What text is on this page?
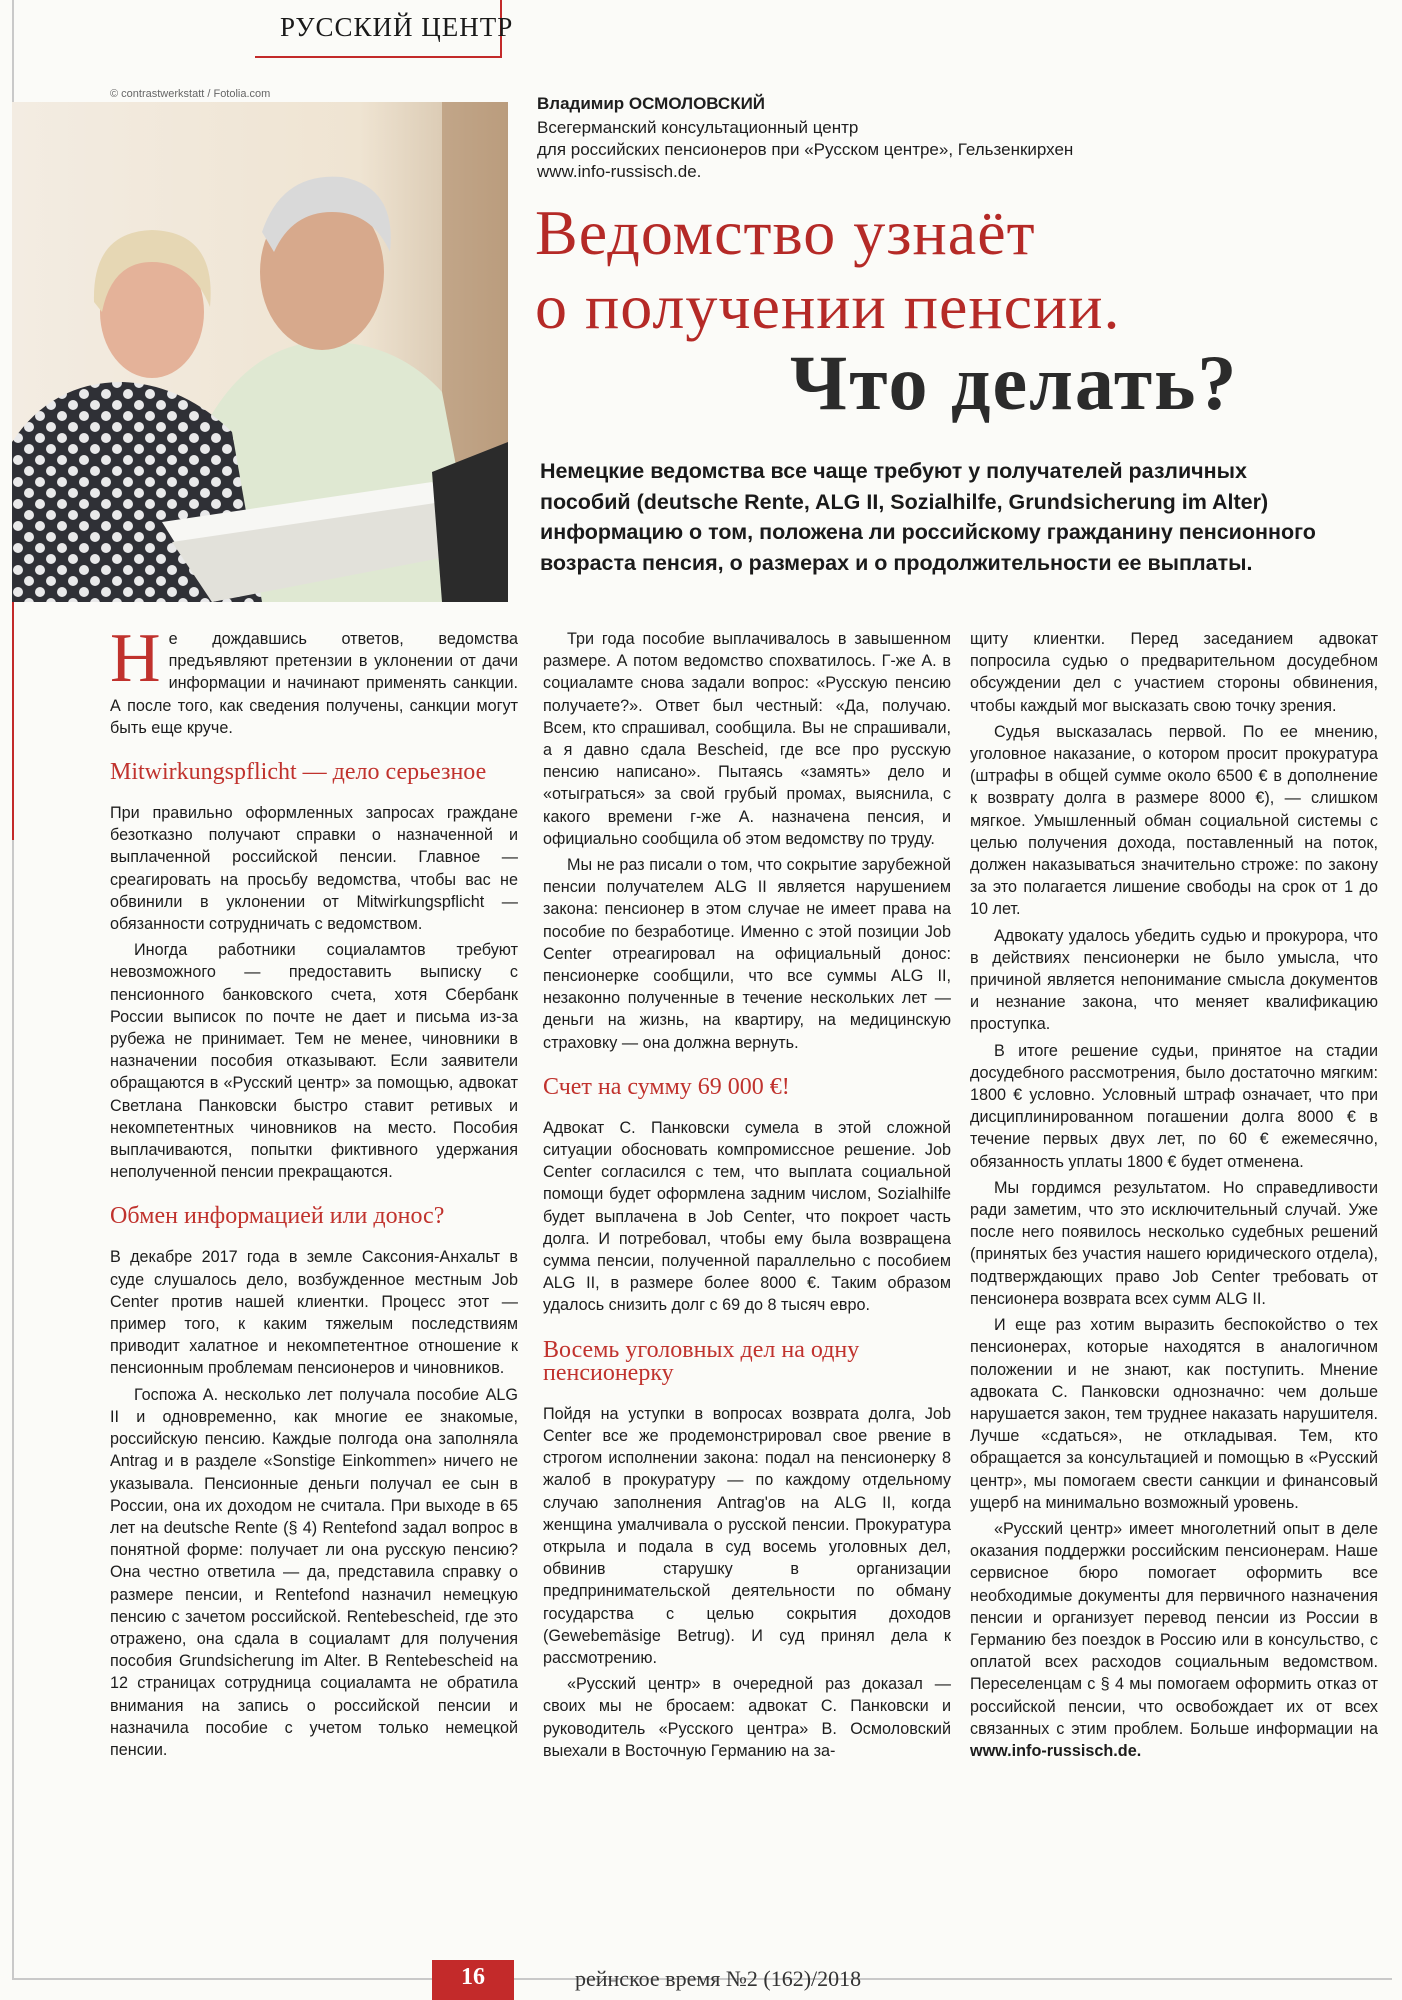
РУССКИЙ ЦЕНТР
© contrastwerkstatt / Fotolia.com	Владимир ОСМОЛОВСКИЙ
Всегерманский консультационный центр
для российских пенсионеров при «Русском центре», Гельзенкирхен
www.info-russisch.de.
Ведомство узнаёт
о получении пенсии.
Что делать?
Немецкие ведомства все чаще требуют у получателей различных пособий (deutsche Rente, ALG II, Sozialhilfe, Grundsicherung im Alter) информацию о том, положена ли российскому гражданину пенсионного возраста пенсия, о размерах и о продолжительности ее выплаты.

Не дождавшись ответов, ведомства предъявляют претензии в уклонении от дачи информации и начинают применять санкции. А после того, как сведения получены, санкции могут быть еще круче.

Mitwirkungspflicht — дело серьезное

При правильно оформленных запросах граждане безотказно получают справки о назначенной и выплаченной российской пенсии. Главное — среагировать на просьбу ведомства, чтобы вас не обвинили в уклонении от Mitwirkungspflicht — обязанности сотрудничать с ведомством.

Иногда работники социаламтов требуют невозможного — предоставить выписку с пенсионного банковского счета, хотя Сбербанк России выписок по почте не дает и письма из-за рубежа не принимает. Тем не менее, чиновники в назначении пособия отказывают. Если заявители обращаются в «Русский центр» за помощью, адвокат Светлана Панковски быстро ставит ретивых и некомпетентных чиновников на место. Пособия выплачиваются, попытки фиктивного удержания неполученной пенсии прекращаются.

Обмен информацией или донос?

В декабре 2017 года в земле Саксония-Анхальт в суде слушалось дело, возбужденное местным Job Center против нашей клиентки. Процесс этот — пример того, к каким тяжелым последствиям приводит халатное и некомпетентное отношение к пенсионным проблемам пенсионеров и чиновников.

Госпожа А. несколько лет получала пособие ALG II и одновременно, как многие ее знакомые, российскую пенсию. Каждые полгода она заполняла Antrag и в разделе «Sonstige Einkommen» ничего не указывала. Пенсионные деньги получал ее сын в России, она их доходом не считала. При выходе в 65 лет на deutsche Rente (§ 4) Rentefond задал вопрос в понятной форме: получает ли она русскую пенсию? Она честно ответила — да, представила справку о размере пенсии, и Rentefond назначил немецкую пенсию с зачетом российской. Rentebescheid, где это отражено, она сдала в социаламт для получения пособия Grundsicherung im Alter. В Rentebescheid на 12 страницах сотрудница социаламта не обратила внимания на запись о российской пенсии и назначила пособие с учетом только немецкой пенсии.

Три года пособие выплачивалось в завышенном размере. А потом ведомство спохватилось. Г-же А. в социаламте снова задали вопрос: «Русскую пенсию получаете?». Ответ был честный: «Да, получаю. Всем, кто спрашивал, сообщила. Вы не спрашивали, а я давно сдала Bescheid, где все про русскую пенсию написано». Пытаясь «замять» дело и «отыграться» за свой грубый промах, выяснила, с какого времени г-же А. назначена пенсия, и официально сообщила об этом ведомству по труду.

Мы не раз писали о том, что сокрытие зарубежной пенсии получателем ALG II является нарушением закона: пенсионер в этом случае не имеет права на пособие по безработице. Именно с этой позиции Job Center отреагировал на официальный донос: пенсионерке сообщили, что все суммы ALG II, незаконно полученные в течение нескольких лет — деньги на жизнь, на квартиру, на медицинскую страховку — она должна вернуть.

Счет на сумму 69 000 €!

Адвокат С. Панковски сумела в этой сложной ситуации обосновать компромиссное решение. Job Center согласился с тем, что выплата социальной помощи будет оформлена задним числом, Sozialhilfe будет выплачена в Job Center, что покроет часть долга. И потребовал, чтобы ему была возвращена сумма пенсии, полученной параллельно с пособием ALG II, в размере более 8000 €. Таким образом удалось снизить долг с 69 до 8 тысяч евро.

Восемь уголовных дел на одну пенсионерку

Пойдя на уступки в вопросах возврата долга, Job Center все же продемонстрировал свое рвение в строгом исполнении закона: подал на пенсионерку 8 жалоб в прокуратуру — по каждому отдельному случаю заполнения Antrag'ов на ALG II, когда женщина умалчивала о русской пенсии. Прокуратура открыла и подала в суд восемь уголовных дел, обвинив старушку в организации предпринимательской деятельности по обману государства с целью сокрытия доходов (Gewebemäsige Betrug). И суд принял дела к рассмотрению.

«Русский центр» в очередной раз доказал — своих мы не бросаем: адвокат С. Панковски и руководитель «Русского центра» В. Осмоловский выехали в Восточную Германию на за-

щиту клиентки. Перед заседанием адвокат попросила судью о предварительном досудебном обсуждении дел с участием стороны обвинения, чтобы каждый мог высказать свою точку зрения.

Судья высказалась первой. По ее мнению, уголовное наказание, о котором просит прокуратура (штрафы в общей сумме около 6500 € в дополнение к возврату долга в размере 8000 €), — слишком мягкое. Умышленный обман социальной системы с целью получения дохода, поставленный на поток, должен наказываться значительно строже: по закону за это полагается лишение свободы на срок от 1 до 10 лет.

Адвокату удалось убедить судью и прокурора, что в действиях пенсионерки не было умысла, что причиной является непонимание смысла документов и незнание закона, что меняет квалификацию проступка.

В итоге решение судьи, принятое на стадии досудебного рассмотрения, было достаточно мягким: 1800 € условно. Условный штраф означает, что при дисциплинированном погашении долга 8000 € в течение первых двух лет, по 60 € ежемесячно, обязанность уплаты 1800 € будет отменена.

Мы гордимся результатом. Но справедливости ради заметим, что это исключительный случай. Уже после него появилось несколько судебных решений (принятых без участия нашего юридического отдела), подтверждающих право Job Center требовать от пенсионера возврата всех сумм ALG II.

И еще раз хотим выразить беспокойство о тех пенсионерах, которые находятся в аналогичном положении и не знают, как поступить. Мнение адвоката С. Панковски однозначно: чем дольше нарушается закон, тем труднее наказать нарушителя. Лучше «сдаться», не откладывая. Тем, кто обращается за консультацией и помощью в «Русский центр», мы помогаем свести санкции и финансовый ущерб на минимально возможный уровень.

«Русский центр» имеет многолетний опыт в деле оказания поддержки российским пенсионерам. Наше сервисное бюро помогает оформить все необходимые документы для первичного назначения пенсии и организует перевод пенсии из России в Германию без поездок в Россию или в консульство, с оплатой всех расходов социальным ведомством. Переселенцам с § 4 мы помогаем оформить отказ от российской пенсии, что освобождает их от всех связанных с этим проблем. Больше информации на www.info-russisch.de.

16	рейнское время №2 (162)/2018
